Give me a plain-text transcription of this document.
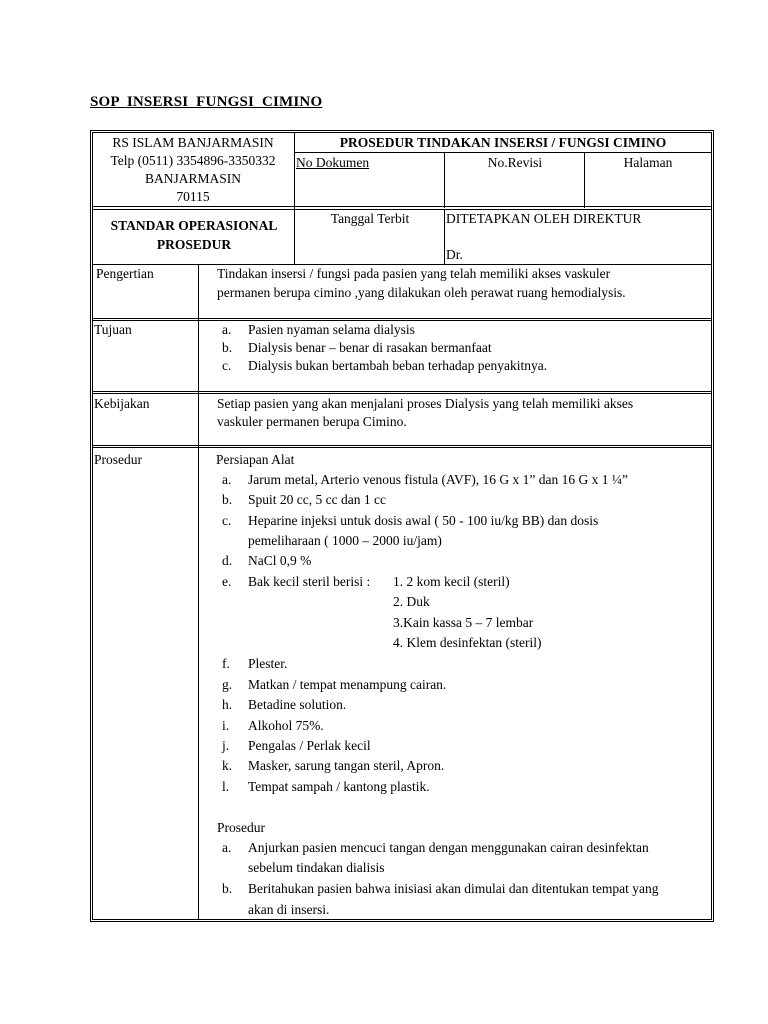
SOP  INSERSI  FUNGSI  CIMINO
RS ISLAM BANJARMASIN
Telp (0511) 3354896-3350332
BANJARMASIN
70115
PROSEDUR TINDAKAN INSERSI / FUNGSI CIMINO
No Dokumen	No.Revisi	Halaman
STANDAR OPERASIONAL
PROSEDUR
Tanggal Terbit	DITETAPKAN OLEH DIREKTUR
Dr.
Pengertian	Tindakan insersi / fungsi pada pasien yang telah memiliki akses vaskuler
permanen berupa cimino ,yang dilakukan oleh perawat ruang hemodialysis.
Tujuan	a. Pasien nyaman selama dialysis
b. Dialysis benar – benar di rasakan bermanfaat
c. Dialysis bukan bertambah beban terhadap penyakitnya.
Kebijakan	Setiap pasien yang akan menjalani proses Dialysis yang telah memiliki akses
vaskuler permanen berupa Cimino.
Prosedur	Persiapan Alat
a. Jarum metal, Arterio venous fistula (AVF), 16 G x 1” dan 16 G x 1 ¼”
b. Spuit 20 cc, 5 cc dan 1 cc
c. Heparine injeksi untuk dosis awal ( 50 - 100 iu/kg BB) dan dosis
pemeliharaan ( 1000 – 2000 iu/jam)
d. NaCl 0,9 %
e. Bak kecil steril berisi : 1. 2 kom kecil (steril)
2. Duk
3.Kain kassa 5 – 7 lembar
4. Klem desinfektan (steril)
f. Plester.
g. Matkan / tempat menampung cairan.
h. Betadine solution.
i. Alkohol 75%.
j. Pengalas / Perlak kecil
k. Masker, sarung tangan steril, Apron.
l. Tempat sampah / kantong plastik.
Prosedur
a. Anjurkan pasien mencuci tangan dengan menggunakan cairan desinfektan
sebelum tindakan dialisis
b. Beritahukan pasien bahwa inisiasi akan dimulai dan ditentukan tempat yang
akan di insersi.
